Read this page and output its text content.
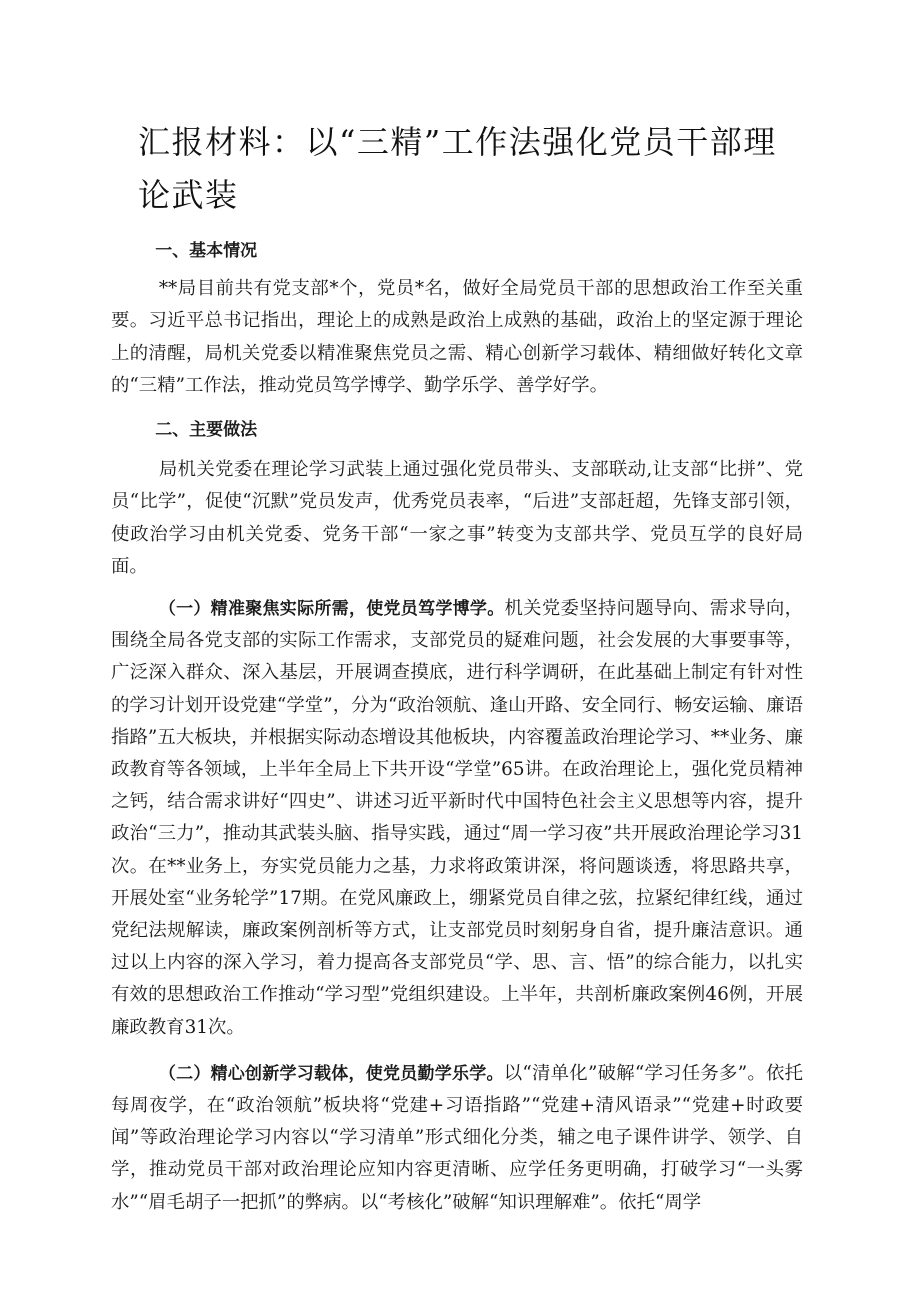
汇报材料：以“三精”工作法强化党员干部理论武装

一、基本情况

**局目前共有党支部*个，党员*名，做好全局党员干部的思想政治工作至关重要。习近平总书记指出，理论上的成熟是政治上成熟的基础，政治上的坚定源于理论上的清醒，局机关党委以精准聚焦党员之需、精心创新学习载体、精细做好转化文章的“三精”工作法，推动党员笃学博学、勤学乐学、善学好学。

二、主要做法

局机关党委在理论学习武装上通过强化党员带头、支部联动,让支部“比拼”、党员“比学”，促使“沉默”党员发声，优秀党员表率，“后进”支部赶超，先锋支部引领，使政治学习由机关党委、党务干部“一家之事”转变为支部共学、党员互学的良好局面。

（一）精准聚焦实际所需，使党员笃学博学。机关党委坚持问题导向、需求导向，围绕全局各党支部的实际工作需求，支部党员的疑难问题，社会发展的大事要事等，广泛深入群众、深入基层，开展调查摸底，进行科学调研，在此基础上制定有针对性的学习计划开设党建“学堂”，分为“政治领航、逢山开路、安全同行、畅安运输、廉语指路”五大板块，并根据实际动态增设其他板块，内容覆盖政治理论学习、**业务、廉政教育等各领域，上半年全局上下共开设“学堂”65讲。在政治理论上，强化党员精神之钙，结合需求讲好“四史”、讲述习近平新时代中国特色社会主义思想等内容，提升政治“三力”，推动其武装头脑、指导实践，通过“周一学习夜”共开展政治理论学习31次。在**业务上，夯实党员能力之基，力求将政策讲深，将问题谈透，将思路共享，开展处室“业务轮学”17期。在党风廉政上，绷紧党员自律之弦，拉紧纪律红线，通过党纪法规解读，廉政案例剖析等方式，让支部党员时刻躬身自省，提升廉洁意识。通过以上内容的深入学习，着力提高各支部党员“学、思、言、悟”的综合能力，以扎实有效的思想政治工作推动“学习型”党组织建设。上半年，共剖析廉政案例46例，开展廉政教育31次。

（二）精心创新学习载体，使党员勤学乐学。以“清单化”破解“学习任务多”。依托每周夜学，在“政治领航”板块将“党建+习语指路”“党建+清风语录”“党建+时政要闻”等政治理论学习内容以“学习清单”形式细化分类，辅之电子课件讲学、领学、自学，推动党员干部对政治理论应知内容更清晰、应学任务更明确，打破学习“一头雾水”“眉毛胡子一把抓”的弊病。以“考核化”破解“知识理解难”。依托“周学
